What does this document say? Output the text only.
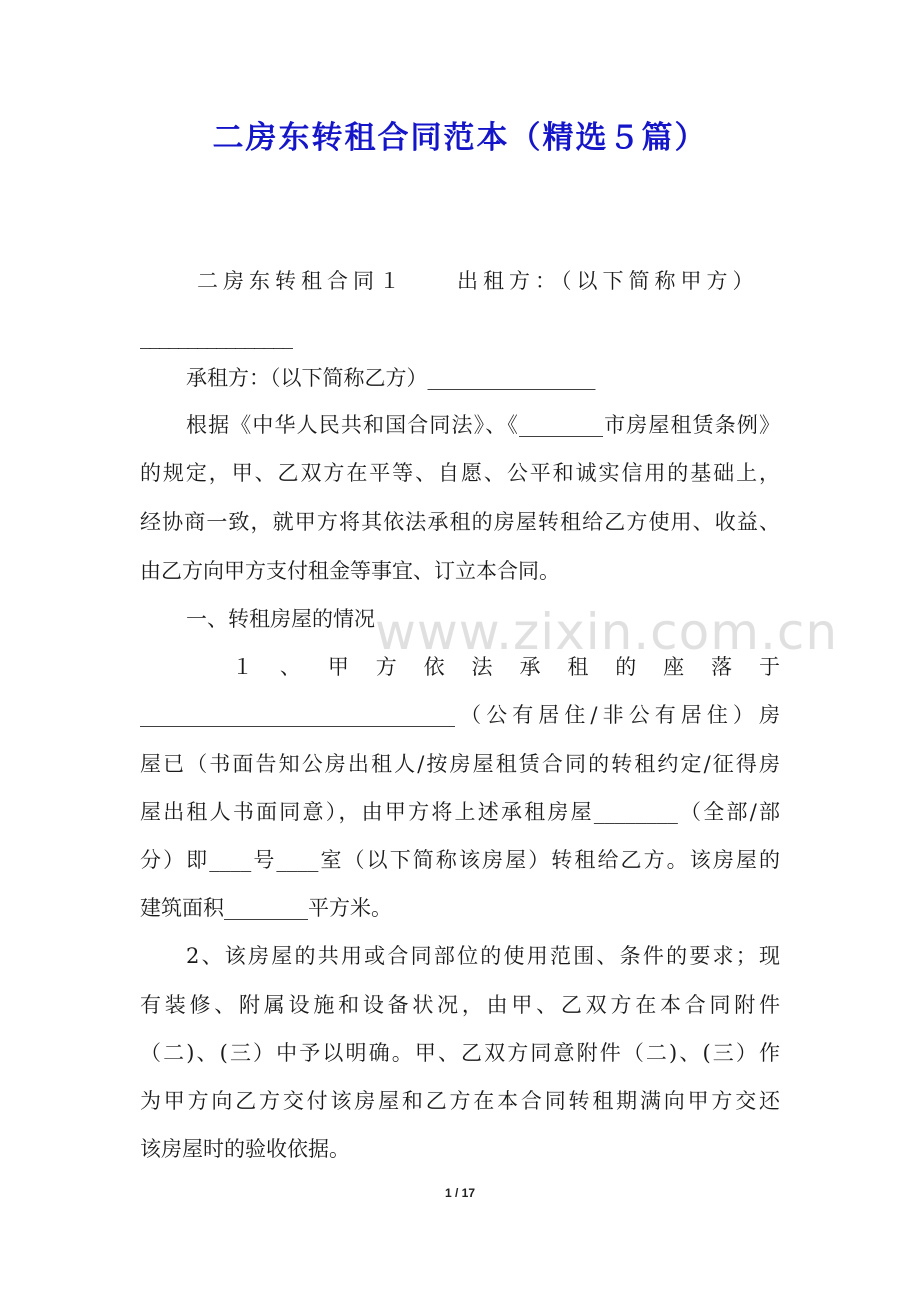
二房东转租合同范本（精选５篇）
www.zixin.com.cn
二房东转租合同１　　出租方：（以下简称甲方）
________________
承租方：（以下简称乙方）________________
根据《中华人民共和国合同法》、《________市房屋租赁条例》
的规定，甲、乙双方在平等、自愿、公平和诚实信用的基础上，
经协商一致，就甲方将其依法承租的房屋转租给乙方使用、收益、
由乙方向甲方支付租金等事宜、订立本合同。
一、转租房屋的情况
１、甲方依法承租的座落于
______________________________（公有居住/非公有居住）房
屋已（书面告知公房出租人/按房屋租赁合同的转租约定/征得房
屋出租人书面同意），由甲方将上述承租房屋________（全部/部
分）即____号____室（以下简称该房屋）转租给乙方。该房屋的
建筑面积________平方米。
2、该房屋的共用或合同部位的使用范围、条件的要求；现
有装修、附属设施和设备状况，由甲、乙双方在本合同附件
（二)、(三）中予以明确。甲、乙双方同意附件（二)、(三）作
为甲方向乙方交付该房屋和乙方在本合同转租期满向甲方交还
该房屋时的验收依据。
1 / 17
